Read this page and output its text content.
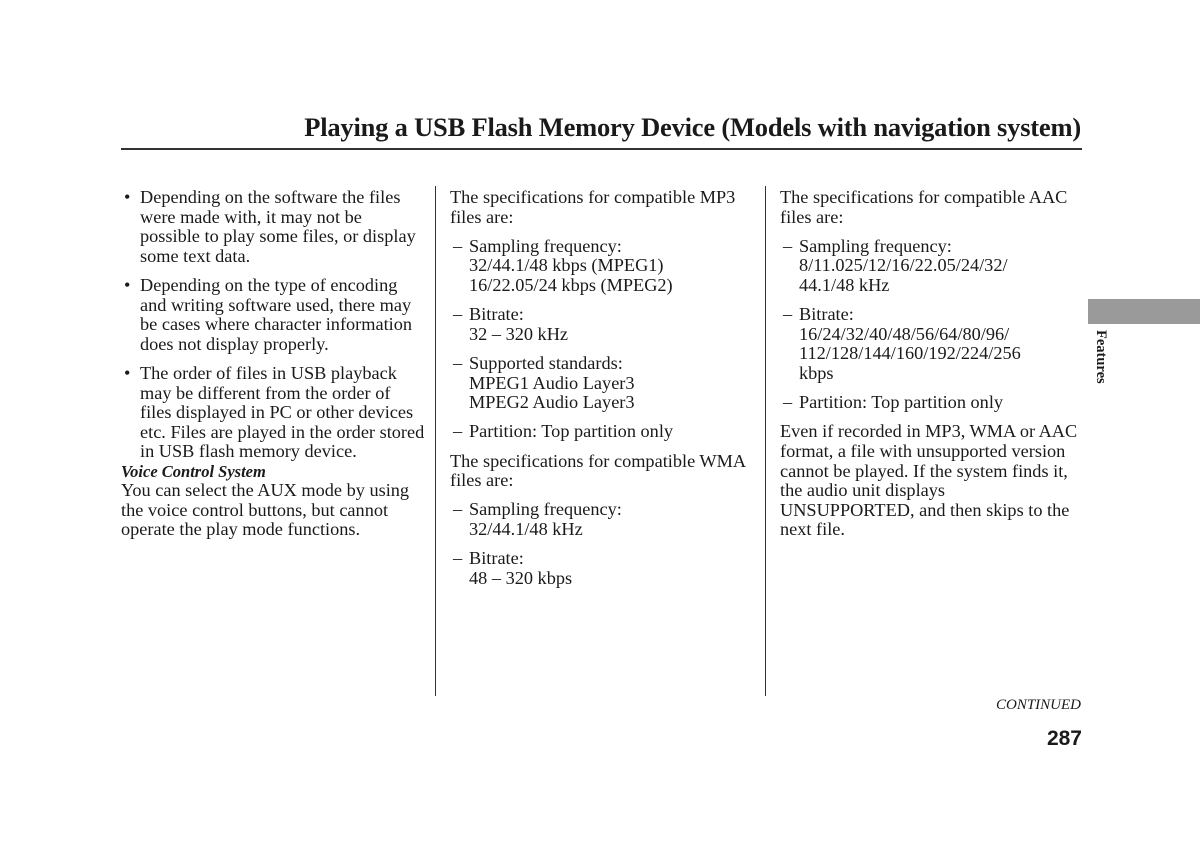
Playing a USB Flash Memory Device (Models with navigation system)
• Depending on the software the files were made with, it may not be possible to play some files, or display some text data.
• Depending on the type of encoding and writing software used, there may be cases where character information does not display properly.
• The order of files in USB playback may be different from the order of files displayed in PC or other devices etc. Files are played in the order stored in USB flash memory device.
Voice Control System
You can select the AUX mode by using the voice control buttons, but cannot operate the play mode functions.
The specifications for compatible MP3 files are:
– Sampling frequency:
32/44.1/48 kbps (MPEG1)
16/22.05/24 kbps (MPEG2)
– Bitrate:
32 – 320 kHz
– Supported standards:
MPEG1 Audio Layer3
MPEG2 Audio Layer3
– Partition: Top partition only
The specifications for compatible WMA files are:
– Sampling frequency:
32/44.1/48 kHz
– Bitrate:
48 – 320 kbps
The specifications for compatible AAC files are:
– Sampling frequency:
8/11.025/12/16/22.05/24/32/
44.1/48 kHz
– Bitrate:
16/24/32/40/48/56/64/80/96/
112/128/144/160/192/224/256
kbps
– Partition: Top partition only
Even if recorded in MP3, WMA or AAC format, a file with unsupported version cannot be played. If the system finds it, the audio unit displays UNSUPPORTED, and then skips to the next file.
Features
CONTINUED
287
